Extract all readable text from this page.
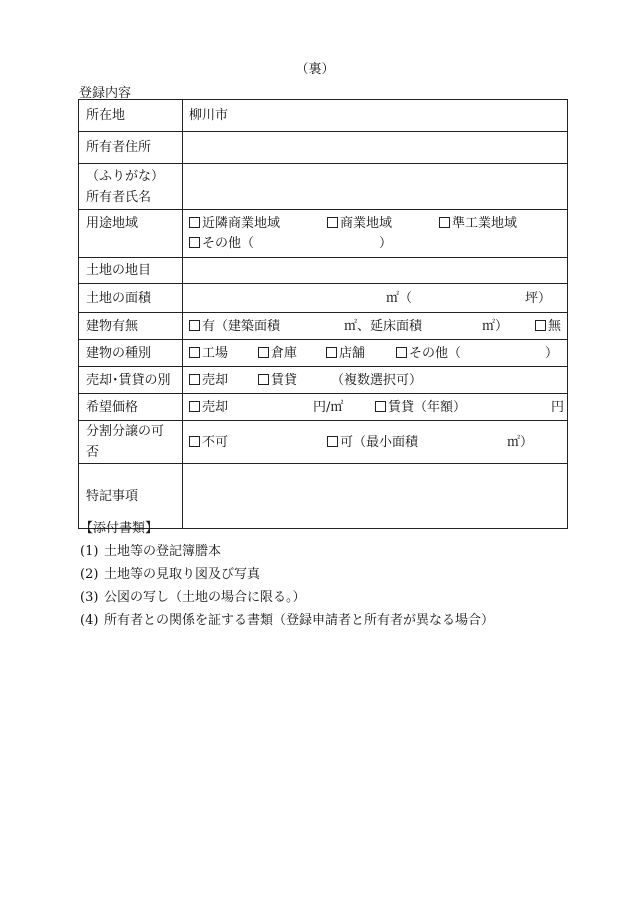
（裏）
登録内容
所在地	柳川市
所有者住所	

（ふりがな）
所有者氏名	

用途地域	近隣商業地域 商業地域 準工業地域
その他（ ）

土地の地目	
土地の面積	㎡（ 坪）

建物有無	有（建築面積 ㎡、延床面積 ㎡） 無

建物の種別	工場 倉庫 店舗 その他（ ）

売却･賃貸の別	売却 賃貸 （複数選択可）

希望価格	売却 円/㎡ 賃貸（年額） 円

分割分譲の可否	不可 可（最小面積 ㎡）

特記事項	
【添付書類】
(1) 土地等の登記簿謄本
(2) 土地等の見取り図及び写真
(3) 公図の写し（土地の場合に限る。）
(4) 所有者との関係を証する書類（登録申請者と所有者が異なる場合）
